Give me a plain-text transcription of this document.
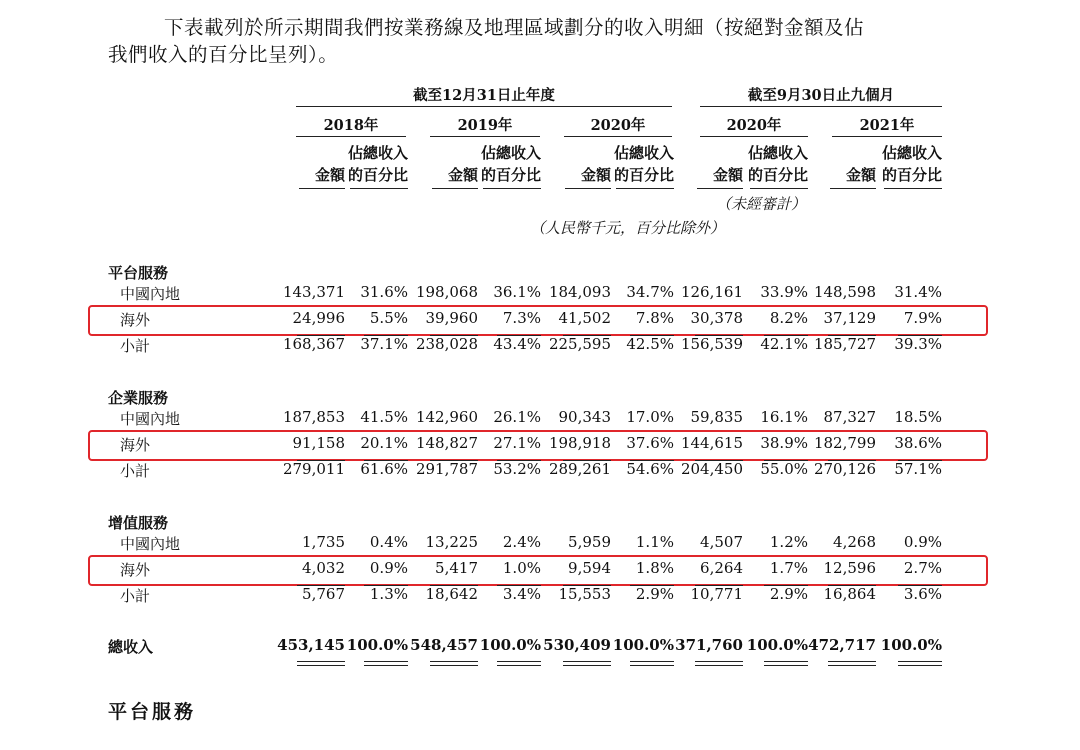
下表載列於所示期間我們按業務線及地理區域劃分的收入明細（按絕對金額及佔
我們收入的百分比呈列）。
截至12月31日止年度	截至9月30日止九個月
2018年	2019年	2020年	2020年	2021年
金額
佔總收入
的百分比	金額
佔總收入
的百分比	金額
佔總收入
的百分比	金額
佔總收入
的百分比	金額
佔總收入
的百分比
（未經審計）
（人民幣千元，百分比除外）
平台服務
中國內地	143,371	31.6% 198,068	36.1% 184,093	34.7% 126,161	33.9% 148,598	31.4%
海外	24,996	5.5%	39,960	7.3%	41,502	7.8%	30,378	8.2%	37,129	7.9%
小計	168,367	37.1% 238,028	43.4% 225,595	42.5% 156,539	42.1% 185,727	39.3%
企業服務
中國內地	187,853	41.5% 142,960	26.1%	90,343	17.0%	59,835	16.1%	87,327	18.5%
海外	91,158	20.1% 148,827	27.1% 198,918	37.6% 144,615	38.9% 182,799	38.6%
小計	279,011	61.6% 291,787	53.2% 289,261	54.6% 204,450	55.0% 270,126	57.1%
增值服務
中國內地	1,735	0.4%	13,225	2.4%	5,959	1.1%	4,507	1.2%	4,268	0.9%
海外	4,032	0.9%	5,417	1.0%	9,594	1.8%	6,264	1.7%	12,596	2.7%
小計	5,767	1.3%	18,642	3.4%	15,553	2.9%	10,771	2.9%	16,864	3.6%
總收入	453,145 100.0% 548,457 100.0% 530,409 100.0% 371,760 100.0% 472,717 100.0%
平台服務
